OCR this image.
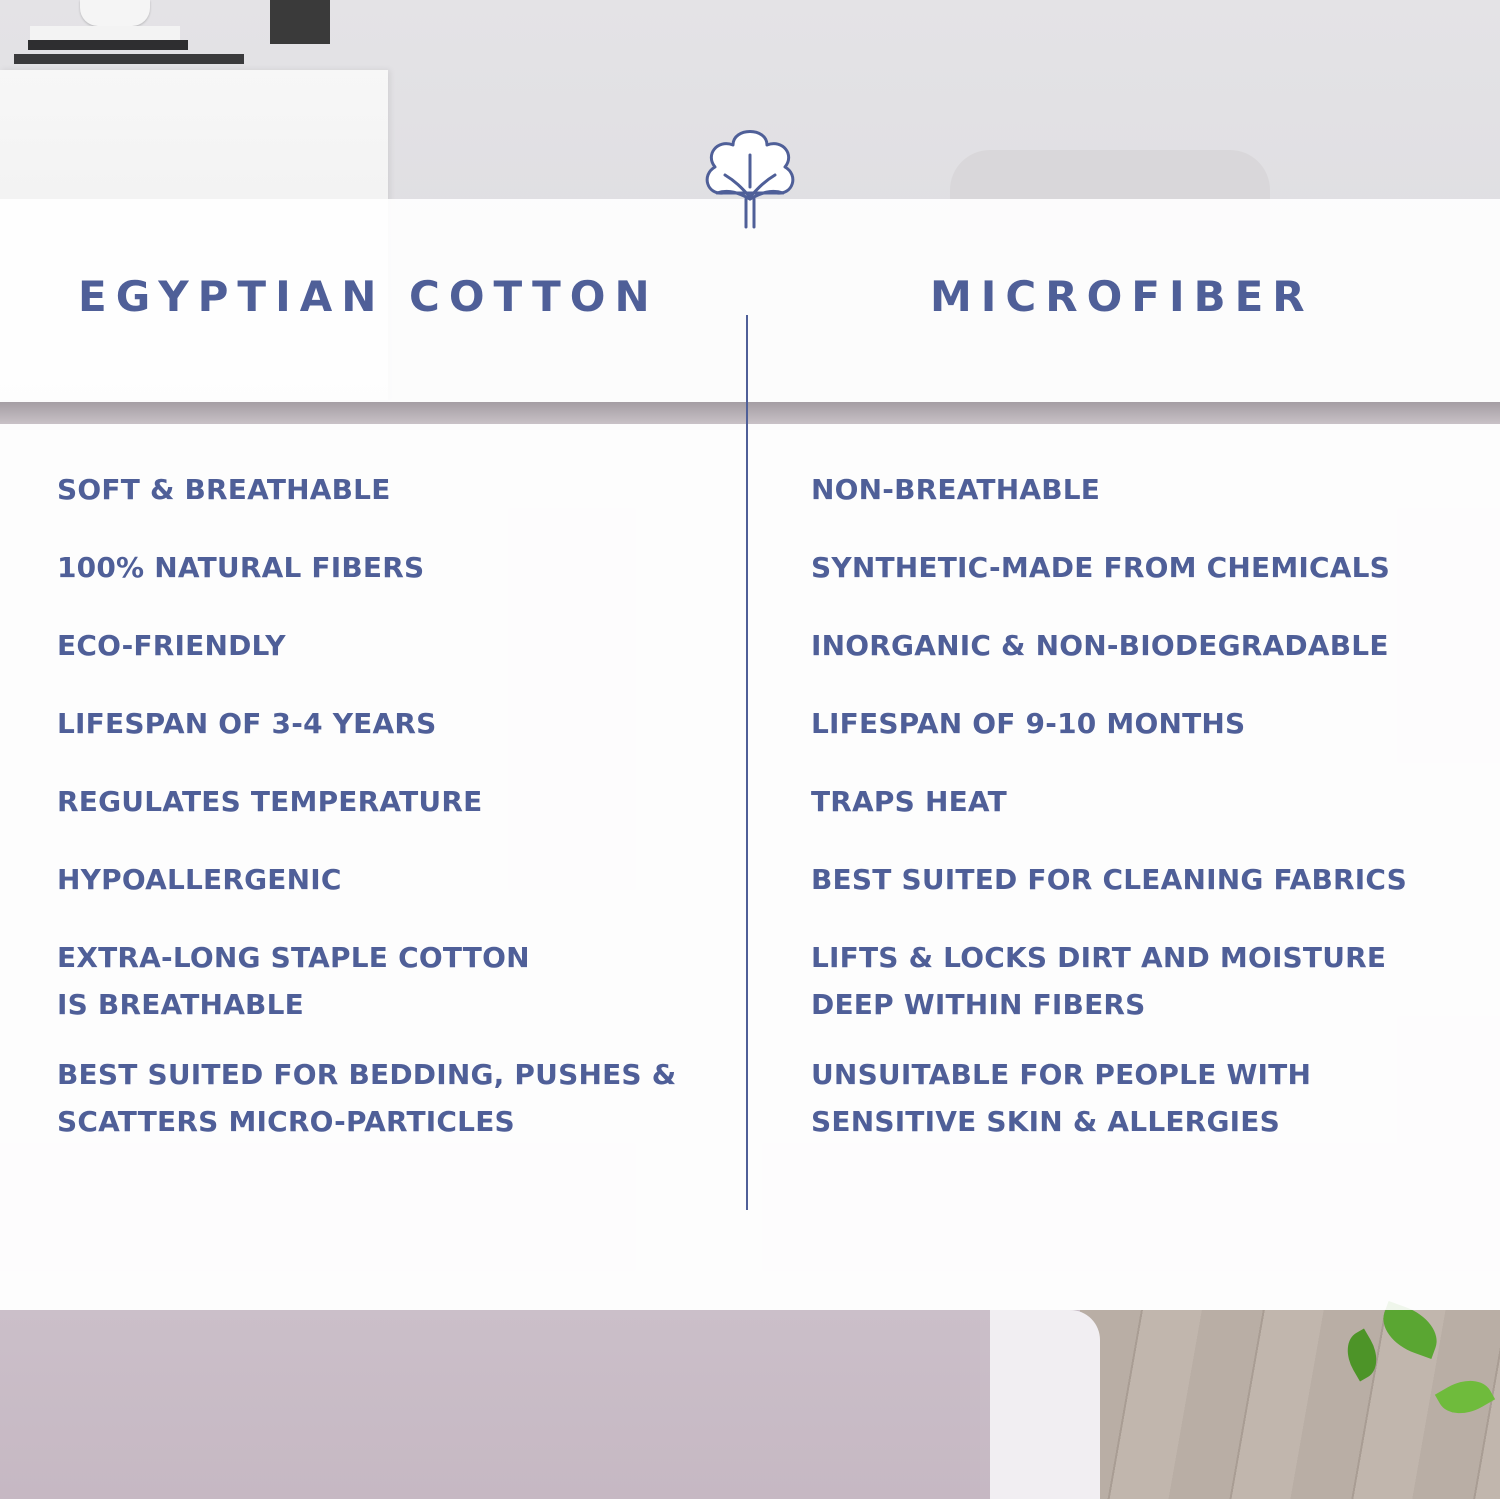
EGYPTIAN COTTON	MICROFIBER
SOFT & BREATHABLE
100% NATURAL FIBERS
ECO-FRIENDLY
LIFESPAN OF 3-4 YEARS
REGULATES TEMPERATURE
HYPOALLERGENIC
EXTRA-LONG STAPLE COTTON
IS BREATHABLE
BEST SUITED FOR BEDDING, PUSHES &
SCATTERS MICRO-PARTICLES
NON-BREATHABLE
SYNTHETIC-MADE FROM CHEMICALS
INORGANIC & NON-BIODEGRADABLE
LIFESPAN OF 9-10 MONTHS
TRAPS HEAT
BEST SUITED FOR CLEANING FABRICS
LIFTS & LOCKS DIRT AND MOISTURE
DEEP WITHIN FIBERS
UNSUITABLE FOR PEOPLE WITH
SENSITIVE SKIN & ALLERGIES
